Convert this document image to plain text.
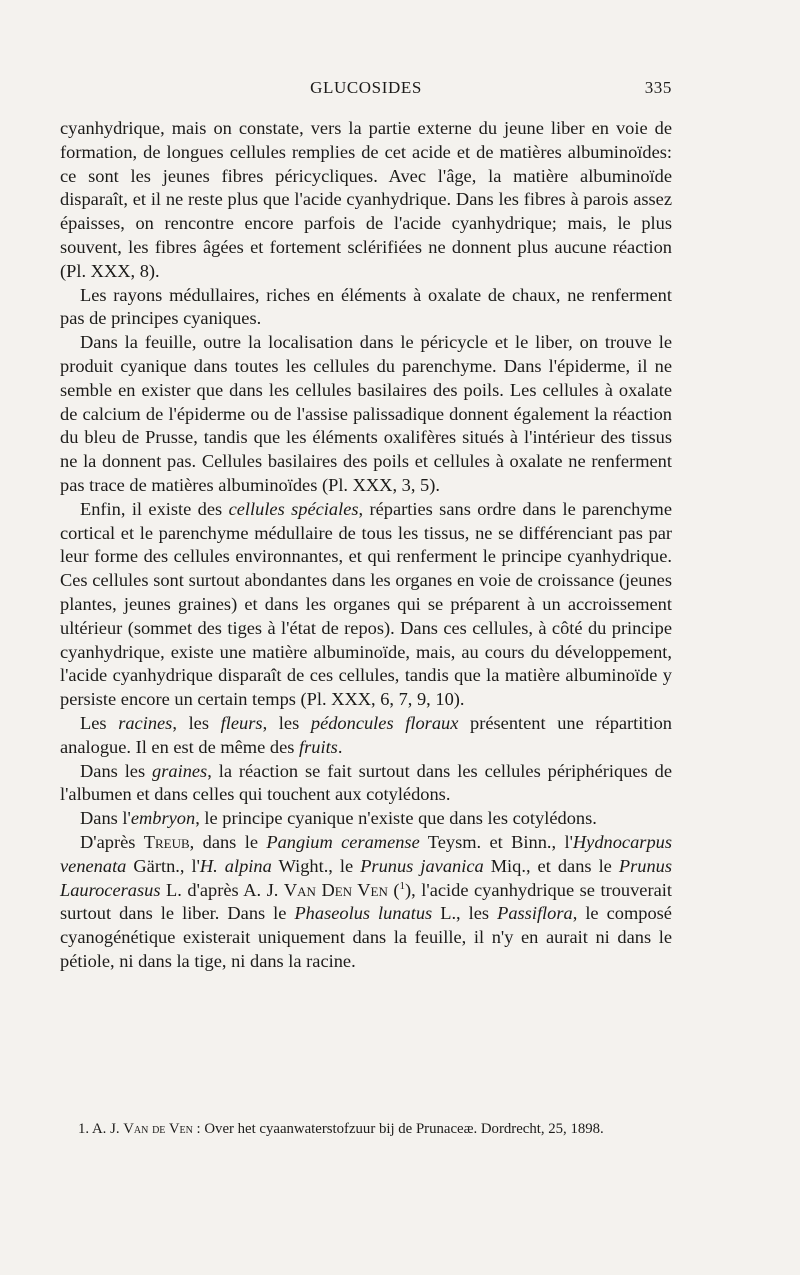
GLUCOSIDES	335

cyanhydrique, mais on constate, vers la partie externe du jeune liber en voie de formation, de longues cellules remplies de cet acide et de matières albuminoïdes: ce sont les jeunes fibres péricycliques. Avec l'âge, la matière albuminoïde disparaît, et il ne reste plus que l'acide cyanhydrique. Dans les fibres à parois assez épaisses, on rencontre encore parfois de l'acide cyanhydrique; mais, le plus souvent, les fibres âgées et fortement sclérifiées ne donnent plus aucune réaction (Pl. XXX, 8).

Les rayons médullaires, riches en éléments à oxalate de chaux, ne renferment pas de principes cyaniques.

Dans la feuille, outre la localisation dans le péricycle et le liber, on trouve le produit cyanique dans toutes les cellules du parenchyme. Dans l'épiderme, il ne semble en exister que dans les cellules basilaires des poils. Les cellules à oxalate de calcium de l'épiderme ou de l'assise palissadique donnent également la réaction du bleu de Prusse, tandis que les éléments oxalifères situés à l'intérieur des tissus ne la donnent pas. Cellules basilaires des poils et cellules à oxalate ne renferment pas trace de matières albuminoïdes (Pl. XXX, 3, 5).

Enfin, il existe des cellules spéciales, réparties sans ordre dans le parenchyme cortical et le parenchyme médullaire de tous les tissus, ne se différenciant pas par leur forme des cellules environnantes, et qui renferment le principe cyanhydrique. Ces cellules sont surtout abondantes dans les organes en voie de croissance (jeunes plantes, jeunes graines) et dans les organes qui se préparent à un accroissement ultérieur (sommet des tiges à l'état de repos). Dans ces cellules, à côté du principe cyanhydrique, existe une matière albuminoïde, mais, au cours du développement, l'acide cyanhydrique disparaît de ces cellules, tandis que la matière albuminoïde y persiste encore un certain temps (Pl. XXX, 6, 7, 9, 10).

Les racines, les fleurs, les pédoncules floraux présentent une répartition analogue. Il en est de même des fruits.

Dans les graines, la réaction se fait surtout dans les cellules périphériques de l'albumen et dans celles qui touchent aux cotylédons.

Dans l'embryon, le principe cyanique n'existe que dans les cotylédons.

D'après Treub, dans le Pangium ceramense Teysm. et Binn., l'Hydnocarpus venenata Gärtn., l'H. alpina Wight., le Prunus javanica Miq., et dans le Prunus Laurocerasus L. d'après A. J. Van Den Ven ($^1$), l'acide cyanhydrique se trouverait surtout dans le liber. Dans le Phaseolus lunatus L., les Passiflora, le composé cyanogénétique existerait uniquement dans la feuille, il n'y en aurait ni dans le pétiole, ni dans la tige, ni dans la racine.

1. A. J. Van de Ven : Over het cyaanwaterstofzuur bij de Prunaceæ. Dordrecht, 25, 1898.
